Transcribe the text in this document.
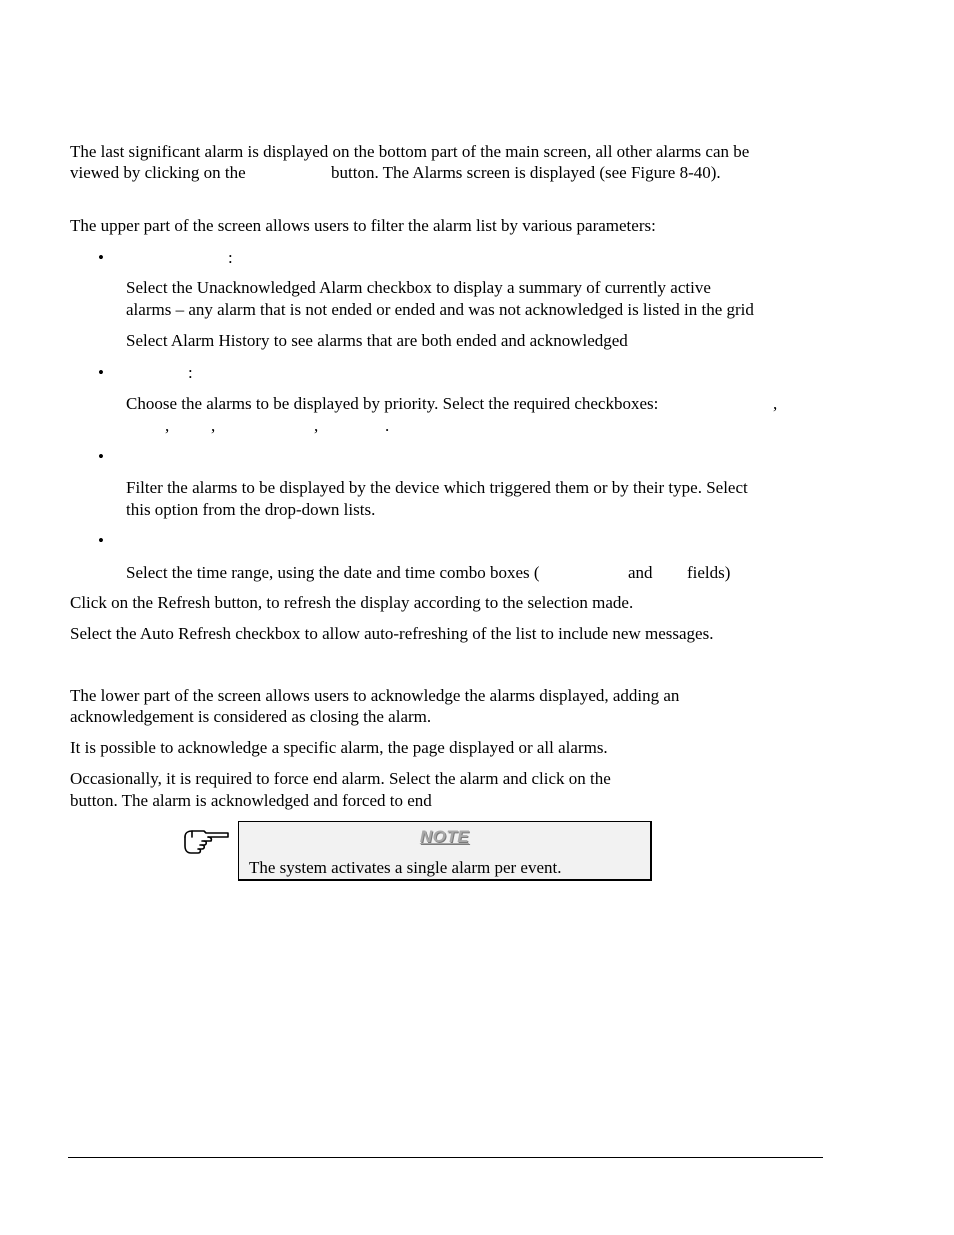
The last significant alarm is displayed on the bottom part of the main screen, all other alarms can be

viewed by clicking on the	button. The Alarms screen is displayed (see Figure 8-40).

The upper part of the screen allows users to filter the alarm list by various parameters:

•	:

Select the Unacknowledged Alarm checkbox to display a summary of currently active

alarms – any alarm that is not ended or ended and was not acknowledged is listed in the grid

Select Alarm History to see alarms that are both ended and acknowledged

•	:

Choose the alarms to be displayed by priority. Select the required checkboxes:	,

, ,	,	.

•

Filter the alarms to be displayed by the device which triggered them or by their type. Select

this option from the drop-down lists.

•

Select the time range, using the date and time combo boxes (	and fields)

Click on the Refresh button, to refresh the display according to the selection made.

Select the Auto Refresh checkbox to allow auto-refreshing of the list to include new messages.

The lower part of the screen allows users to acknowledge the alarms displayed, adding an

acknowledgement is considered as closing the alarm.

It is possible to acknowledge a specific alarm, the page displayed or all alarms.

Occasionally, it is required to force end alarm. Select the alarm and click on the

button. The alarm is acknowledged and forced to end

NOTE
The system activates a single alarm per event.
